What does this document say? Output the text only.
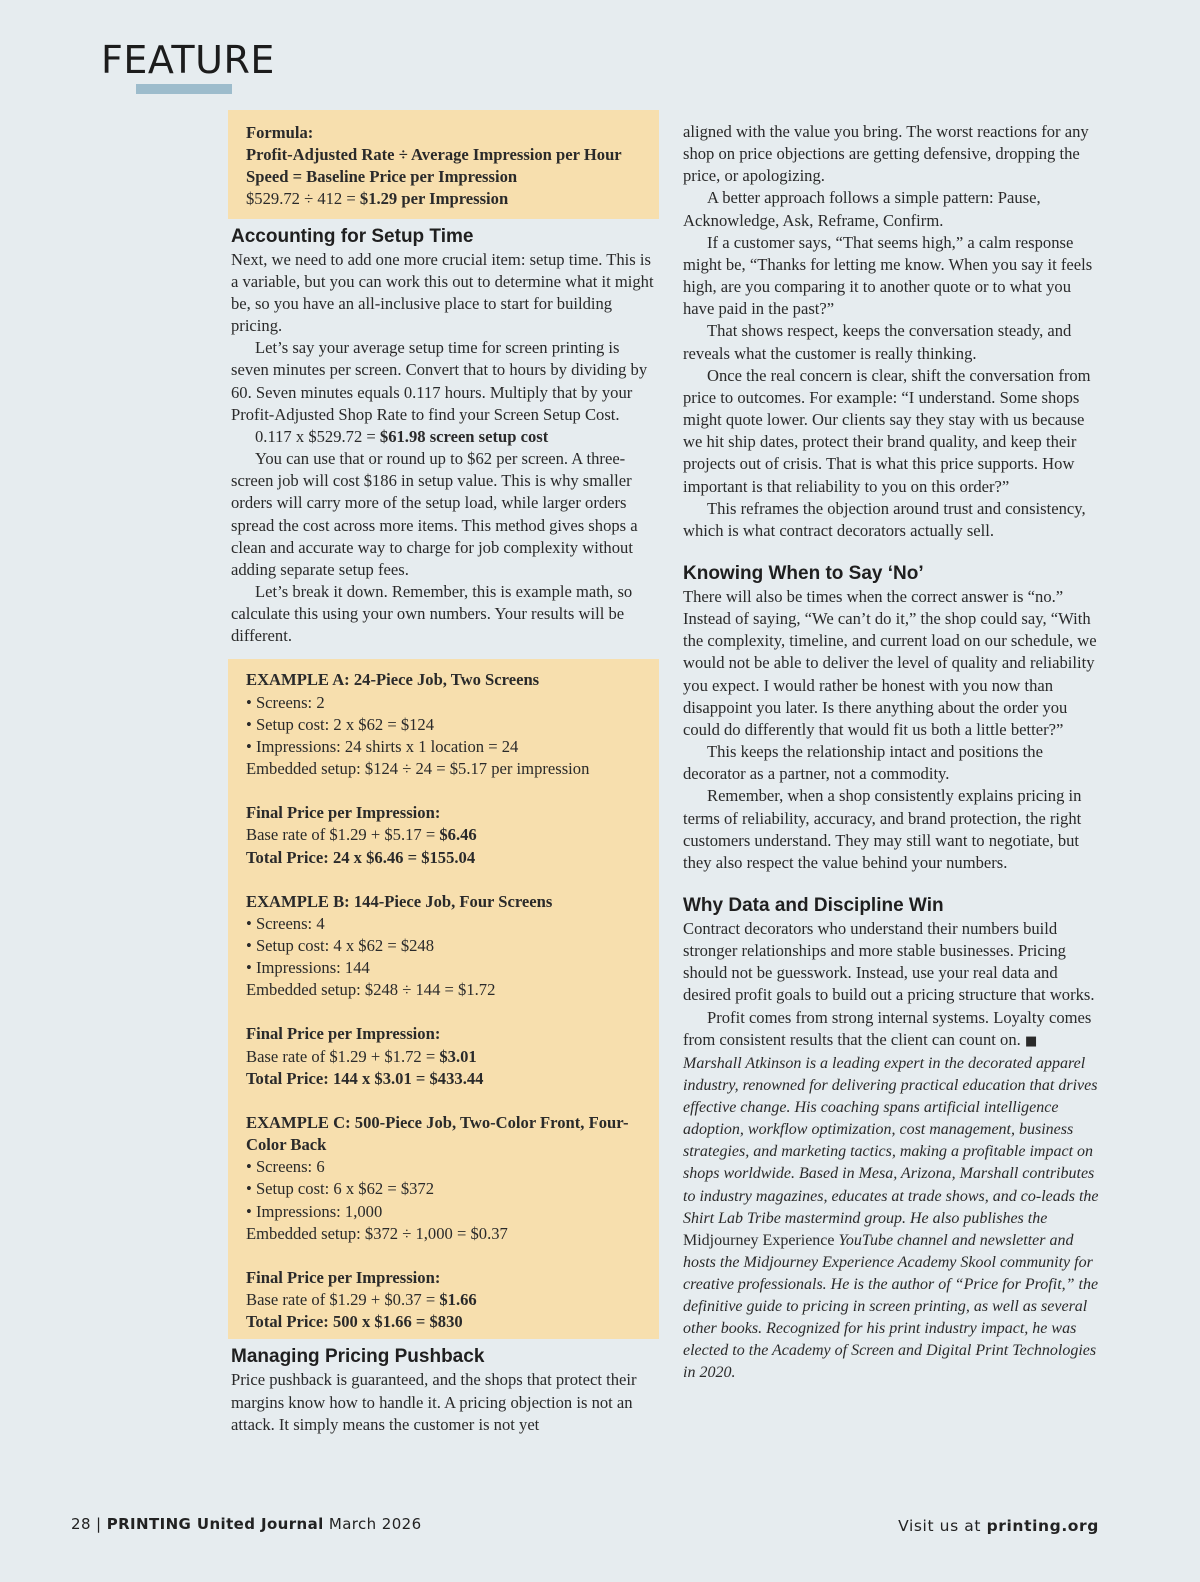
FEATURE

Formula:

Profit-Adjusted Rate ÷ Average Impression per Hour Speed = Baseline Price per Impression

$529.72 ÷ 412 = $1.29 per Impression

Accounting for Setup Time

Next, we need to add one more crucial item: setup time. This is a variable, but you can work this out to determine what it might be, so you have an all-inclusive place to start for building pricing.

Let’s say your average setup time for screen printing is seven minutes per screen. Convert that to hours by dividing by 60. Seven minutes equals 0.117 hours. Multiply that by your Profit-Adjusted Shop Rate to find your Screen Setup Cost.

0.117 x $529.72 = $61.98 screen setup cost

You can use that or round up to $62 per screen. A three-screen job will cost $186 in setup value. This is why smaller orders will carry more of the setup load, while larger orders spread the cost across more items. This method gives shops a clean and accurate way to charge for job complexity without adding separate setup fees.

Let’s break it down. Remember, this is example math, so calculate this using your own numbers. Your results will be different.

EXAMPLE A: 24-Piece Job, Two Screens

• Screens: 2

• Setup cost: 2 x $62 = $124

• Impressions: 24 shirts x 1 location = 24

Embedded setup: $124 ÷ 24 = $5.17 per impression

Final Price per Impression:

Base rate of $1.29 + $5.17 = $6.46

Total Price: 24 x $6.46 = $155.04

EXAMPLE B: 144-Piece Job, Four Screens

• Screens: 4

• Setup cost: 4 x $62 = $248

• Impressions: 144

Embedded setup: $248 ÷ 144 = $1.72

Final Price per Impression:

Base rate of $1.29 + $1.72 = $3.01

Total Price: 144 x $3.01 = $433.44

EXAMPLE C: 500-Piece Job, Two-Color Front, Four-Color Back

• Screens: 6

• Setup cost: 6 x $62 = $372

• Impressions: 1,000

Embedded setup: $372 ÷ 1,000 = $0.37

Final Price per Impression:

Base rate of $1.29 + $0.37 = $1.66

Total Price: 500 x $1.66 = $830

Managing Pricing Pushback

Price pushback is guaranteed, and the shops that protect their margins know how to handle it. A pricing objection is not an attack. It simply means the customer is not yet

aligned with the value you bring. The worst reactions for any shop on price objections are getting defensive, dropping the price, or apologizing.

A better approach follows a simple pattern: Pause, Acknowledge, Ask, Reframe, Confirm.

If a customer says, “That seems high,” a calm response might be, “Thanks for letting me know. When you say it feels high, are you comparing it to another quote or to what you have paid in the past?”

That shows respect, keeps the conversation steady, and reveals what the customer is really thinking.

Once the real concern is clear, shift the conversation from price to outcomes. For example: “I understand. Some shops might quote lower. Our clients say they stay with us because we hit ship dates, protect their brand quality, and keep their projects out of crisis. That is what this price supports. How important is that reliability to you on this order?”

This reframes the objection around trust and consistency, which is what contract decorators actually sell.

Knowing When to Say ‘No’

There will also be times when the correct answer is “no.” Instead of saying, “We can’t do it,” the shop could say, “With the complexity, timeline, and current load on our schedule, we would not be able to deliver the level of quality and reliability you expect. I would rather be honest with you now than disappoint you later. Is there anything about the order you could do differently that would fit us both a little better?”

This keeps the relationship intact and positions the decorator as a partner, not a commodity.

Remember, when a shop consistently explains pricing in terms of reliability, accuracy, and brand protection, the right customers understand. They may still want to negotiate, but they also respect the value behind your numbers.

Why Data and Discipline Win

Contract decorators who understand their numbers build stronger relationships and more stable businesses. Pricing should not be guesswork. Instead, use your real data and desired profit goals to build out a pricing structure that works.

Profit comes from strong internal systems. Loyalty comes from consistent results that the client can count on. ■

Marshall Atkinson is a leading expert in the decorated apparel industry, renowned for delivering practical education that drives effective change. His coaching spans artificial intelligence adoption, workflow optimization, cost management, business strategies, and marketing tactics, making a profitable impact on shops worldwide. Based in Mesa, Arizona, Marshall contributes to industry magazines, educates at trade shows, and co-leads the Shirt Lab Tribe mastermind group. He also publishes the Midjourney Experience YouTube channel and newsletter and hosts the Midjourney Experience Academy Skool community for creative professionals. He is the author of “Price for Profit,” the definitive guide to pricing in screen printing, as well as several other books. Recognized for his print industry impact, he was elected to the Academy of Screen and Digital Print Technologies in 2020.

28 | PRINTING United Journal March 2026	Visit us at printing.org
